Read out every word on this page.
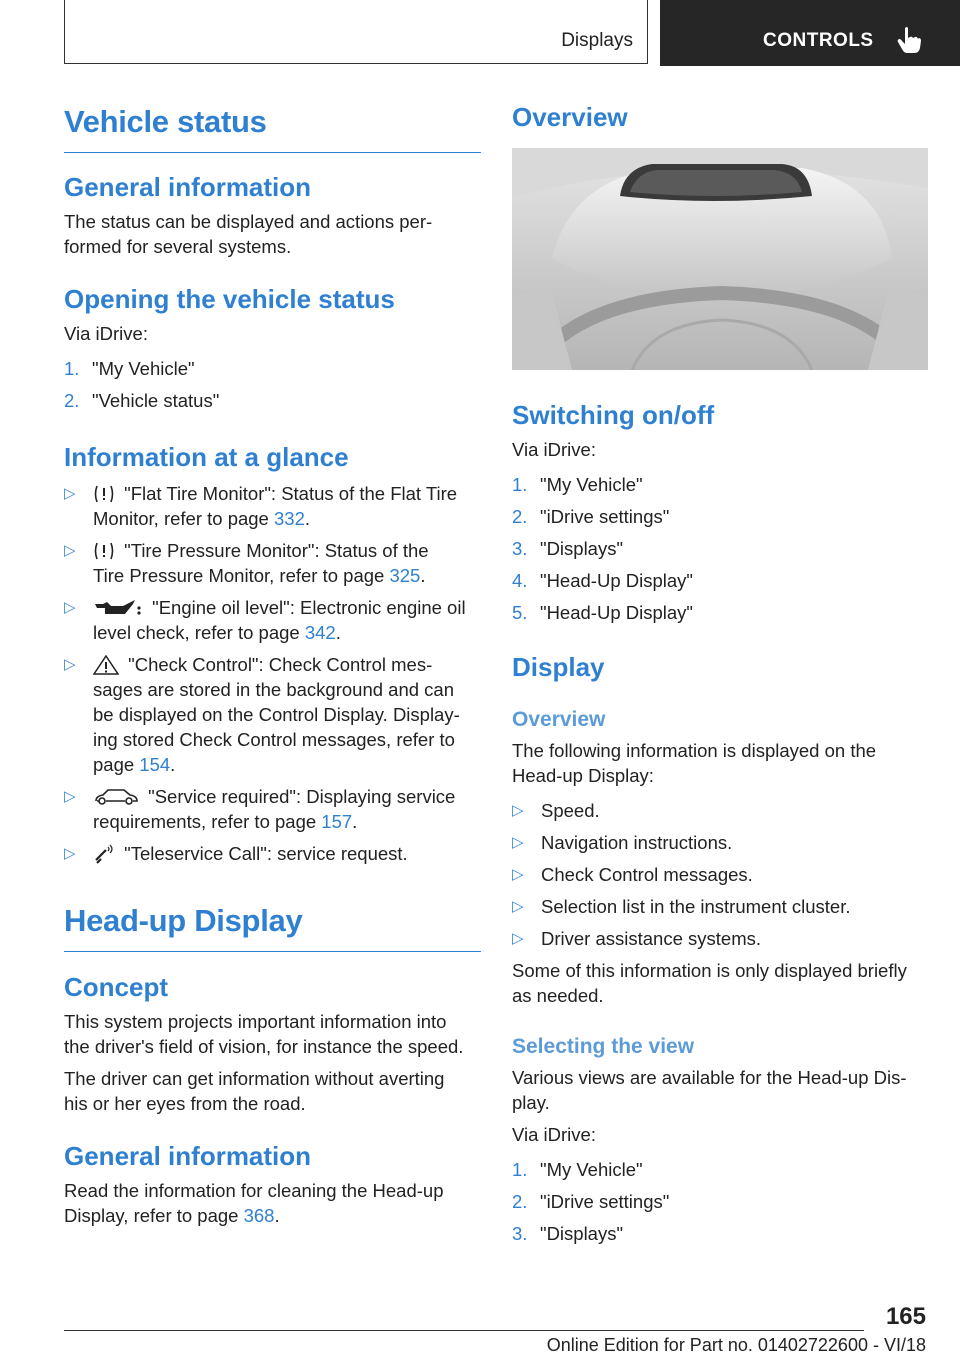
Displays	CONTROLS
Vehicle status
General information

The status can be displayed and actions per‐

formed for several systems.

Opening the vehicle status

Via iDrive:

1. "My Vehicle"
2. "Vehicle status"
Information at a glance
▷	"Flat Tire Monitor": Status of the Flat Tire
Monitor, refer to page 332.
▷	"Tire Pressure Monitor": Status of the
Tire Pressure Monitor, refer to page 325.
▷	"Engine oil level": Electronic engine oil
level check, refer to page 342.
▷	"Check Control": Check Control mes‐
sages are stored in the background and can
be displayed on the Control Display. Display‐
ing stored Check Control messages, refer to
page 154.
▷	"Service required": Displaying service
requirements, refer to page 157.
▷	"Teleservice Call": service request.
Head-up Display
Concept

This system projects important information into

the driver's field of vision, for instance the speed.

The driver can get information without averting

his or her eyes from the road.

General information

Read the information for cleaning the Head-up

Display, refer to page 368.

Overview
Switching on/off

Via iDrive:

1. "My Vehicle"
2. "iDrive settings"
3. "Displays"
4. "Head-Up Display"
5. "Head-Up Display"
Display
Overview

The following information is displayed on the

Head-up Display:

▷ Speed.
▷ Navigation instructions.
▷ Check Control messages.
▷ Selection list in the instrument cluster.
▷ Driver assistance systems.

Some of this information is only displayed briefly

as needed.

Selecting the view

Various views are available for the Head-up Dis‐

play.

Via iDrive:

1. "My Vehicle"
2. "iDrive settings"
3. "Displays"
165
Online Edition for Part no. 01402722600 - VI/18
